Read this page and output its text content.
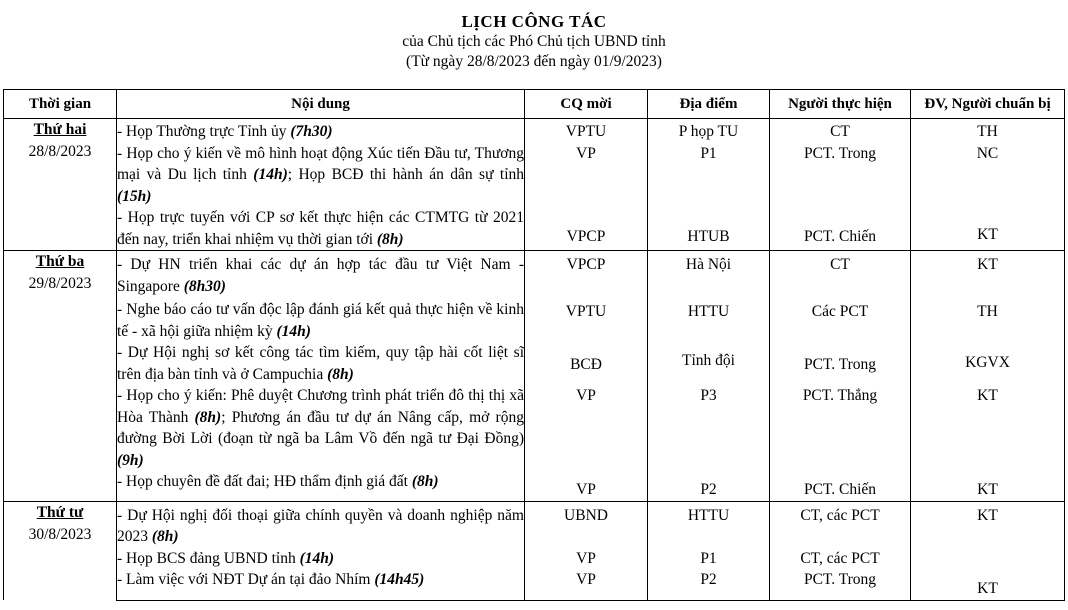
LỊCH CÔNG TÁC
của Chủ tịch các Phó Chủ tịch UBND tỉnh
(Từ ngày 28/8/2023 đến ngày 01/9/2023)
Thời gian	Nội dung	CQ mời	Địa điểm	Người thực hiện	ĐV, Người chuẩn bị

Thứ hai
28/8/2023	- Họp Thường trực Tỉnh ủy (7h30)	VPTU	P họp TU	CT	TH
	- Họp cho ý kiến về mô hình hoạt động Xúc tiến Đầu tư, Thương mại và Du lịch tỉnh (14h); Họp BCĐ thi hành án dân sự tỉnh (15h)	VP	P1	PCT. Trong	NC
	- Họp trực tuyến với CP sơ kết thực hiện các CTMTG từ 2021 đến nay, triển khai nhiệm vụ thời gian tới (8h)	VPCP	HTUB	PCT. Chiến	KT

Thứ ba
29/8/2023	- Dự HN triển khai các dự án hợp tác đầu tư Việt Nam - Singapore (8h30)	VPCP	Hà Nội	CT	KT
	- Nghe báo cáo tư vấn độc lập đánh giá kết quả thực hiện về kinh tế - xã hội giữa nhiệm kỳ (14h)	VPTU	HTTU	Các PCT	TH
	- Dự Hội nghị sơ kết công tác tìm kiếm, quy tập hài cốt liệt sĩ trên địa bàn tỉnh và ở Campuchia (8h)	BCĐ	Tỉnh đội	PCT. Trong	KGVX
	- Họp cho ý kiến: Phê duyệt Chương trình phát triển đô thị thị xã Hòa Thành (8h); Phương án đầu tư dự án Nâng cấp, mở rộng đường Bời Lời (đoạn từ ngã ba Lâm Vồ đến ngã tư Đại Đồng) (9h)	VP	P3	PCT. Thắng	KT
	- Họp chuyên đề đất đai; HĐ thẩm định giá đất (8h)	VP	P2	PCT. Chiến	KT

Thứ tư
30/8/2023	- Dự Hội nghị đối thoại giữa chính quyền và doanh nghiệp năm 2023 (8h)	UBND	HTTU	CT, các PCT	KT
	- Họp BCS đảng UBND tỉnh (14h)	VP	P1	CT, các PCT	
	- Làm việc với NĐT Dự án tại đảo Nhím (14h45)	VP	P2	PCT. Trong	KT
